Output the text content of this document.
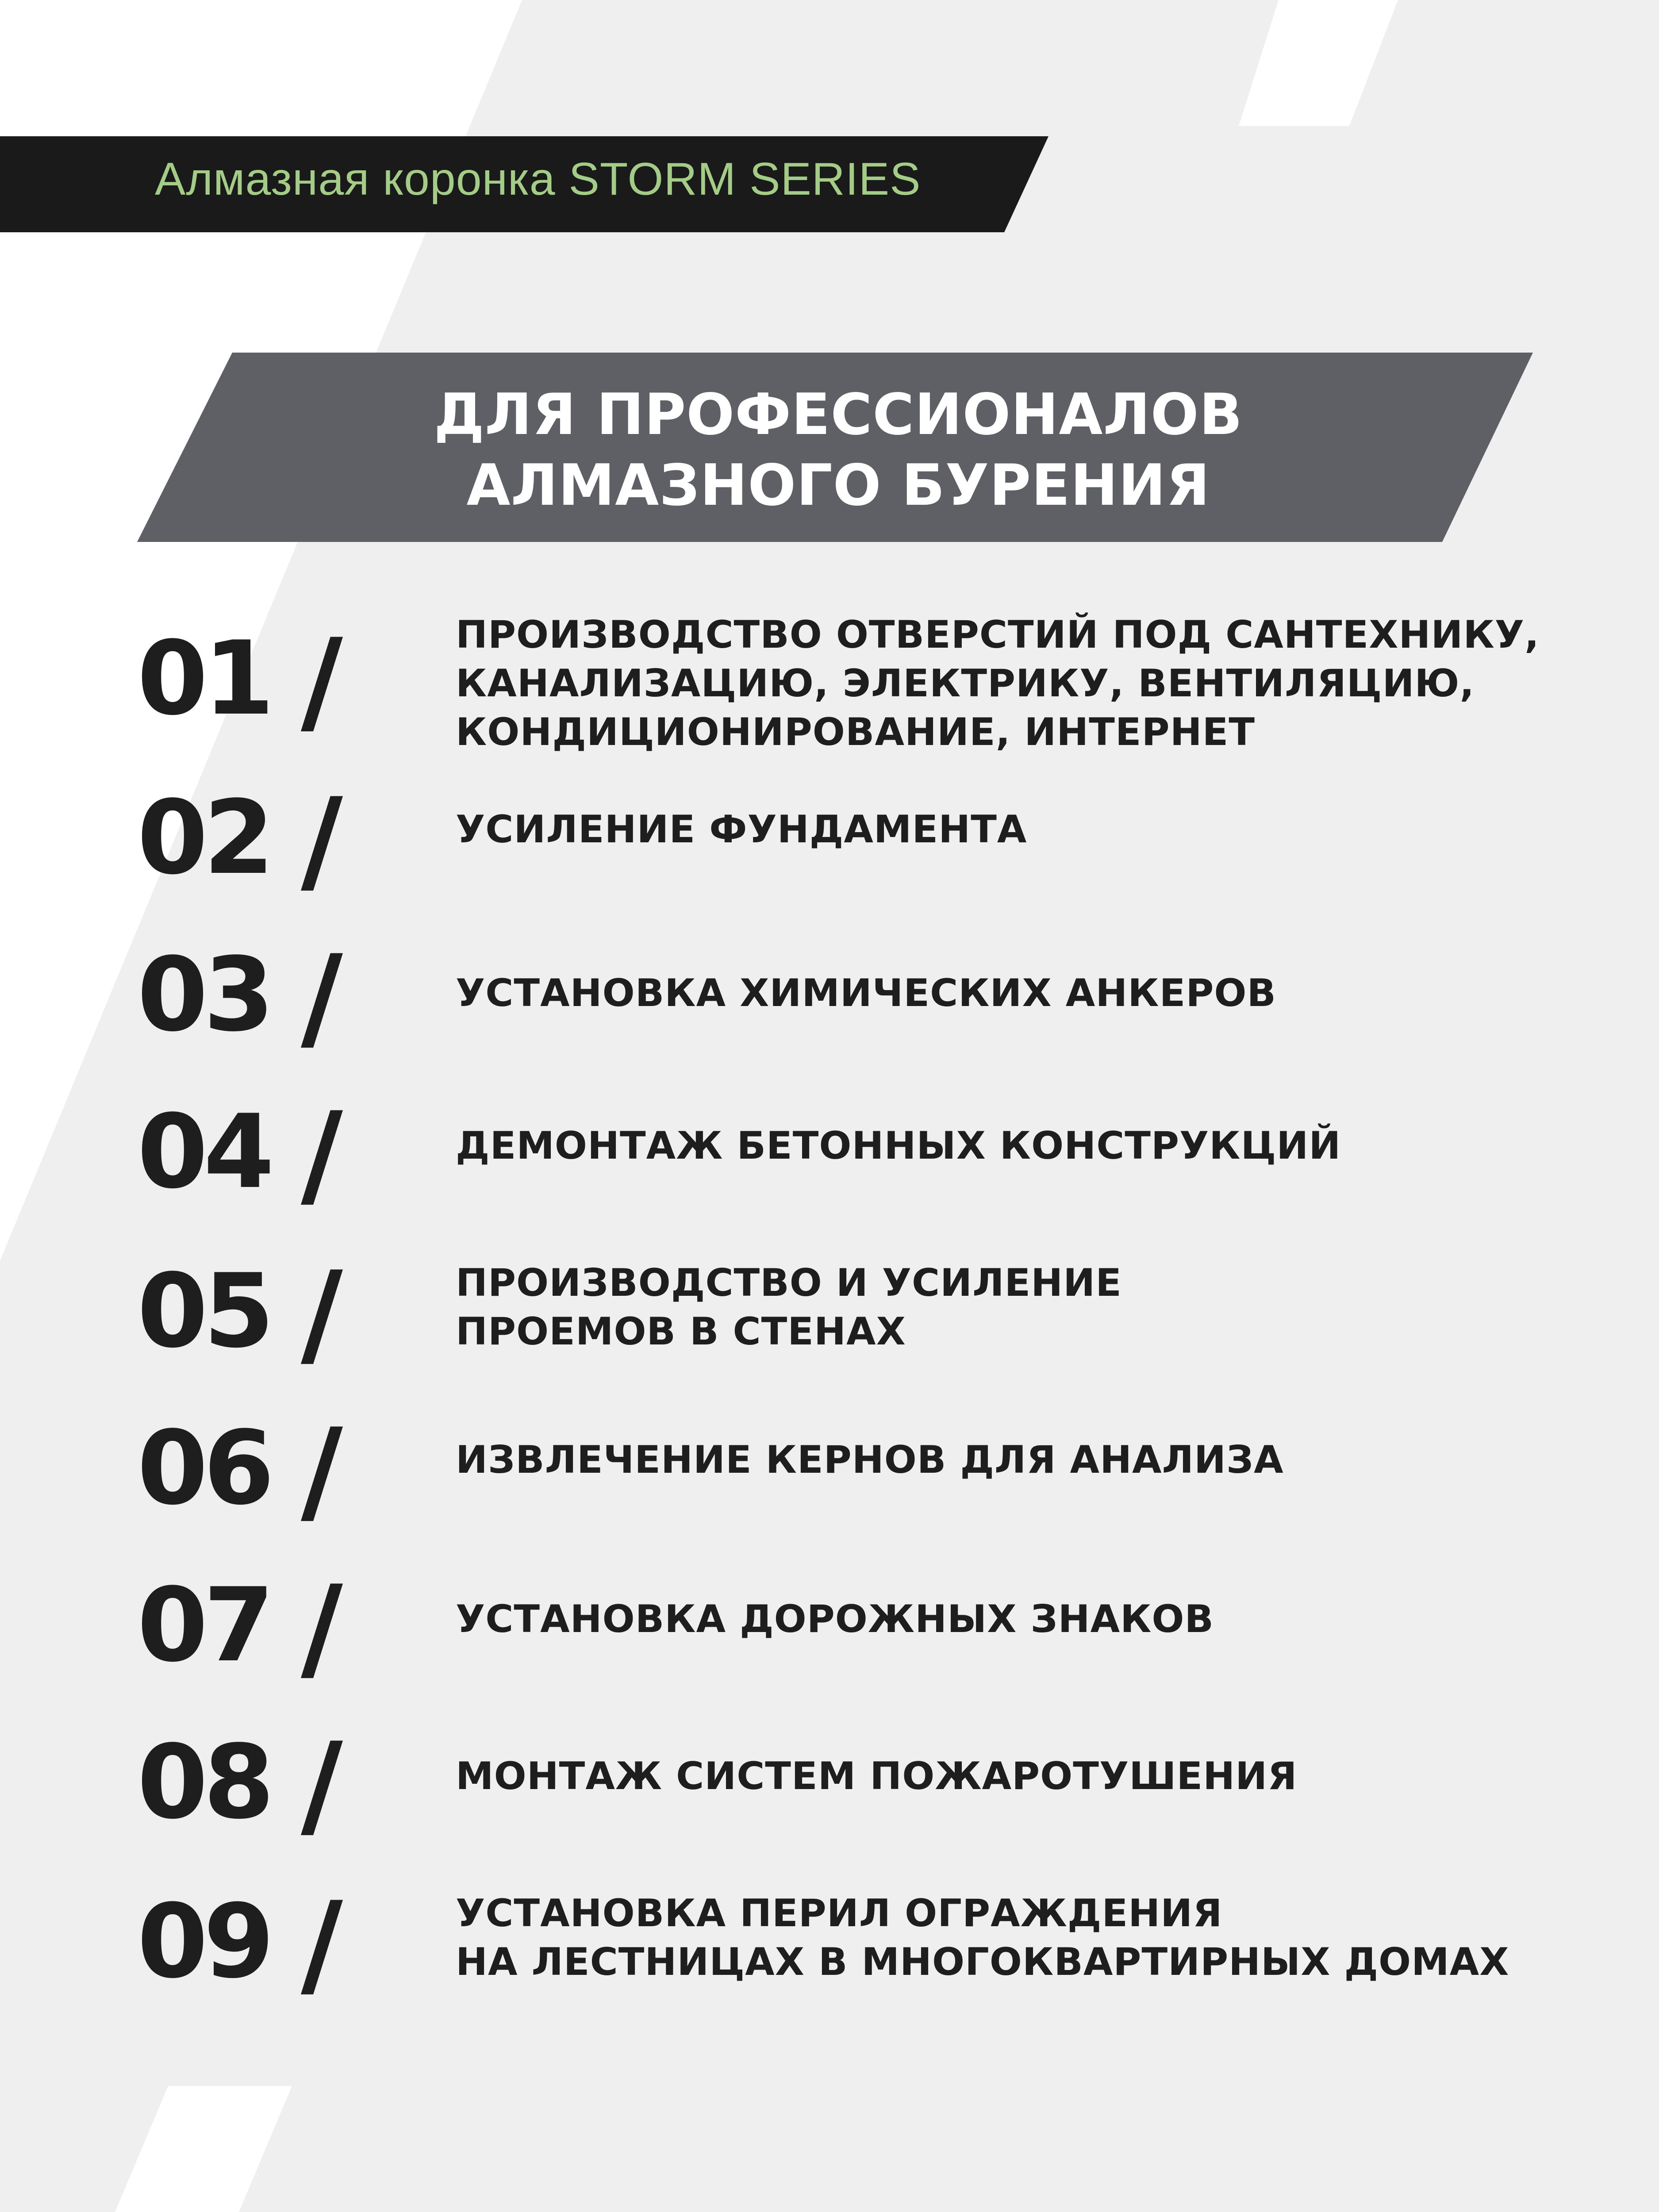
Алмазная коронка STORM SERIES
ДЛЯ ПРОФЕССИОНАЛОВ
АЛМАЗНОГО БУРЕНИЯ
01 /	ПРОИЗВОДСТВО ОТВЕРСТИЙ ПОД САНТЕХНИКУ,
КАНАЛИЗАЦИЮ, ЭЛЕКТРИКУ, ВЕНТИЛЯЦИЮ,
КОНДИЦИОНИРОВАНИЕ, ИНТЕРНЕТ
02 /	УСИЛЕНИЕ ФУНДАМЕНТА
03 /	УСТАНОВКА ХИМИЧЕСКИХ АНКЕРОВ
04 /	ДЕМОНТАЖ БЕТОННЫХ КОНСТРУКЦИЙ
05 /	ПРОИЗВОДСТВО И УСИЛЕНИЕ
ПРОЕМОВ В СТЕНАХ
06 /	ИЗВЛЕЧЕНИЕ КЕРНОВ ДЛЯ АНАЛИЗА
07 /	УСТАНОВКА ДОРОЖНЫХ ЗНАКОВ
08 /	МОНТАЖ СИСТЕМ ПОЖАРОТУШЕНИЯ
09 /	УСТАНОВКА ПЕРИЛ ОГРАЖДЕНИЯ
НА ЛЕСТНИЦАХ В МНОГОКВАРТИРНЫХ ДОМАХ
